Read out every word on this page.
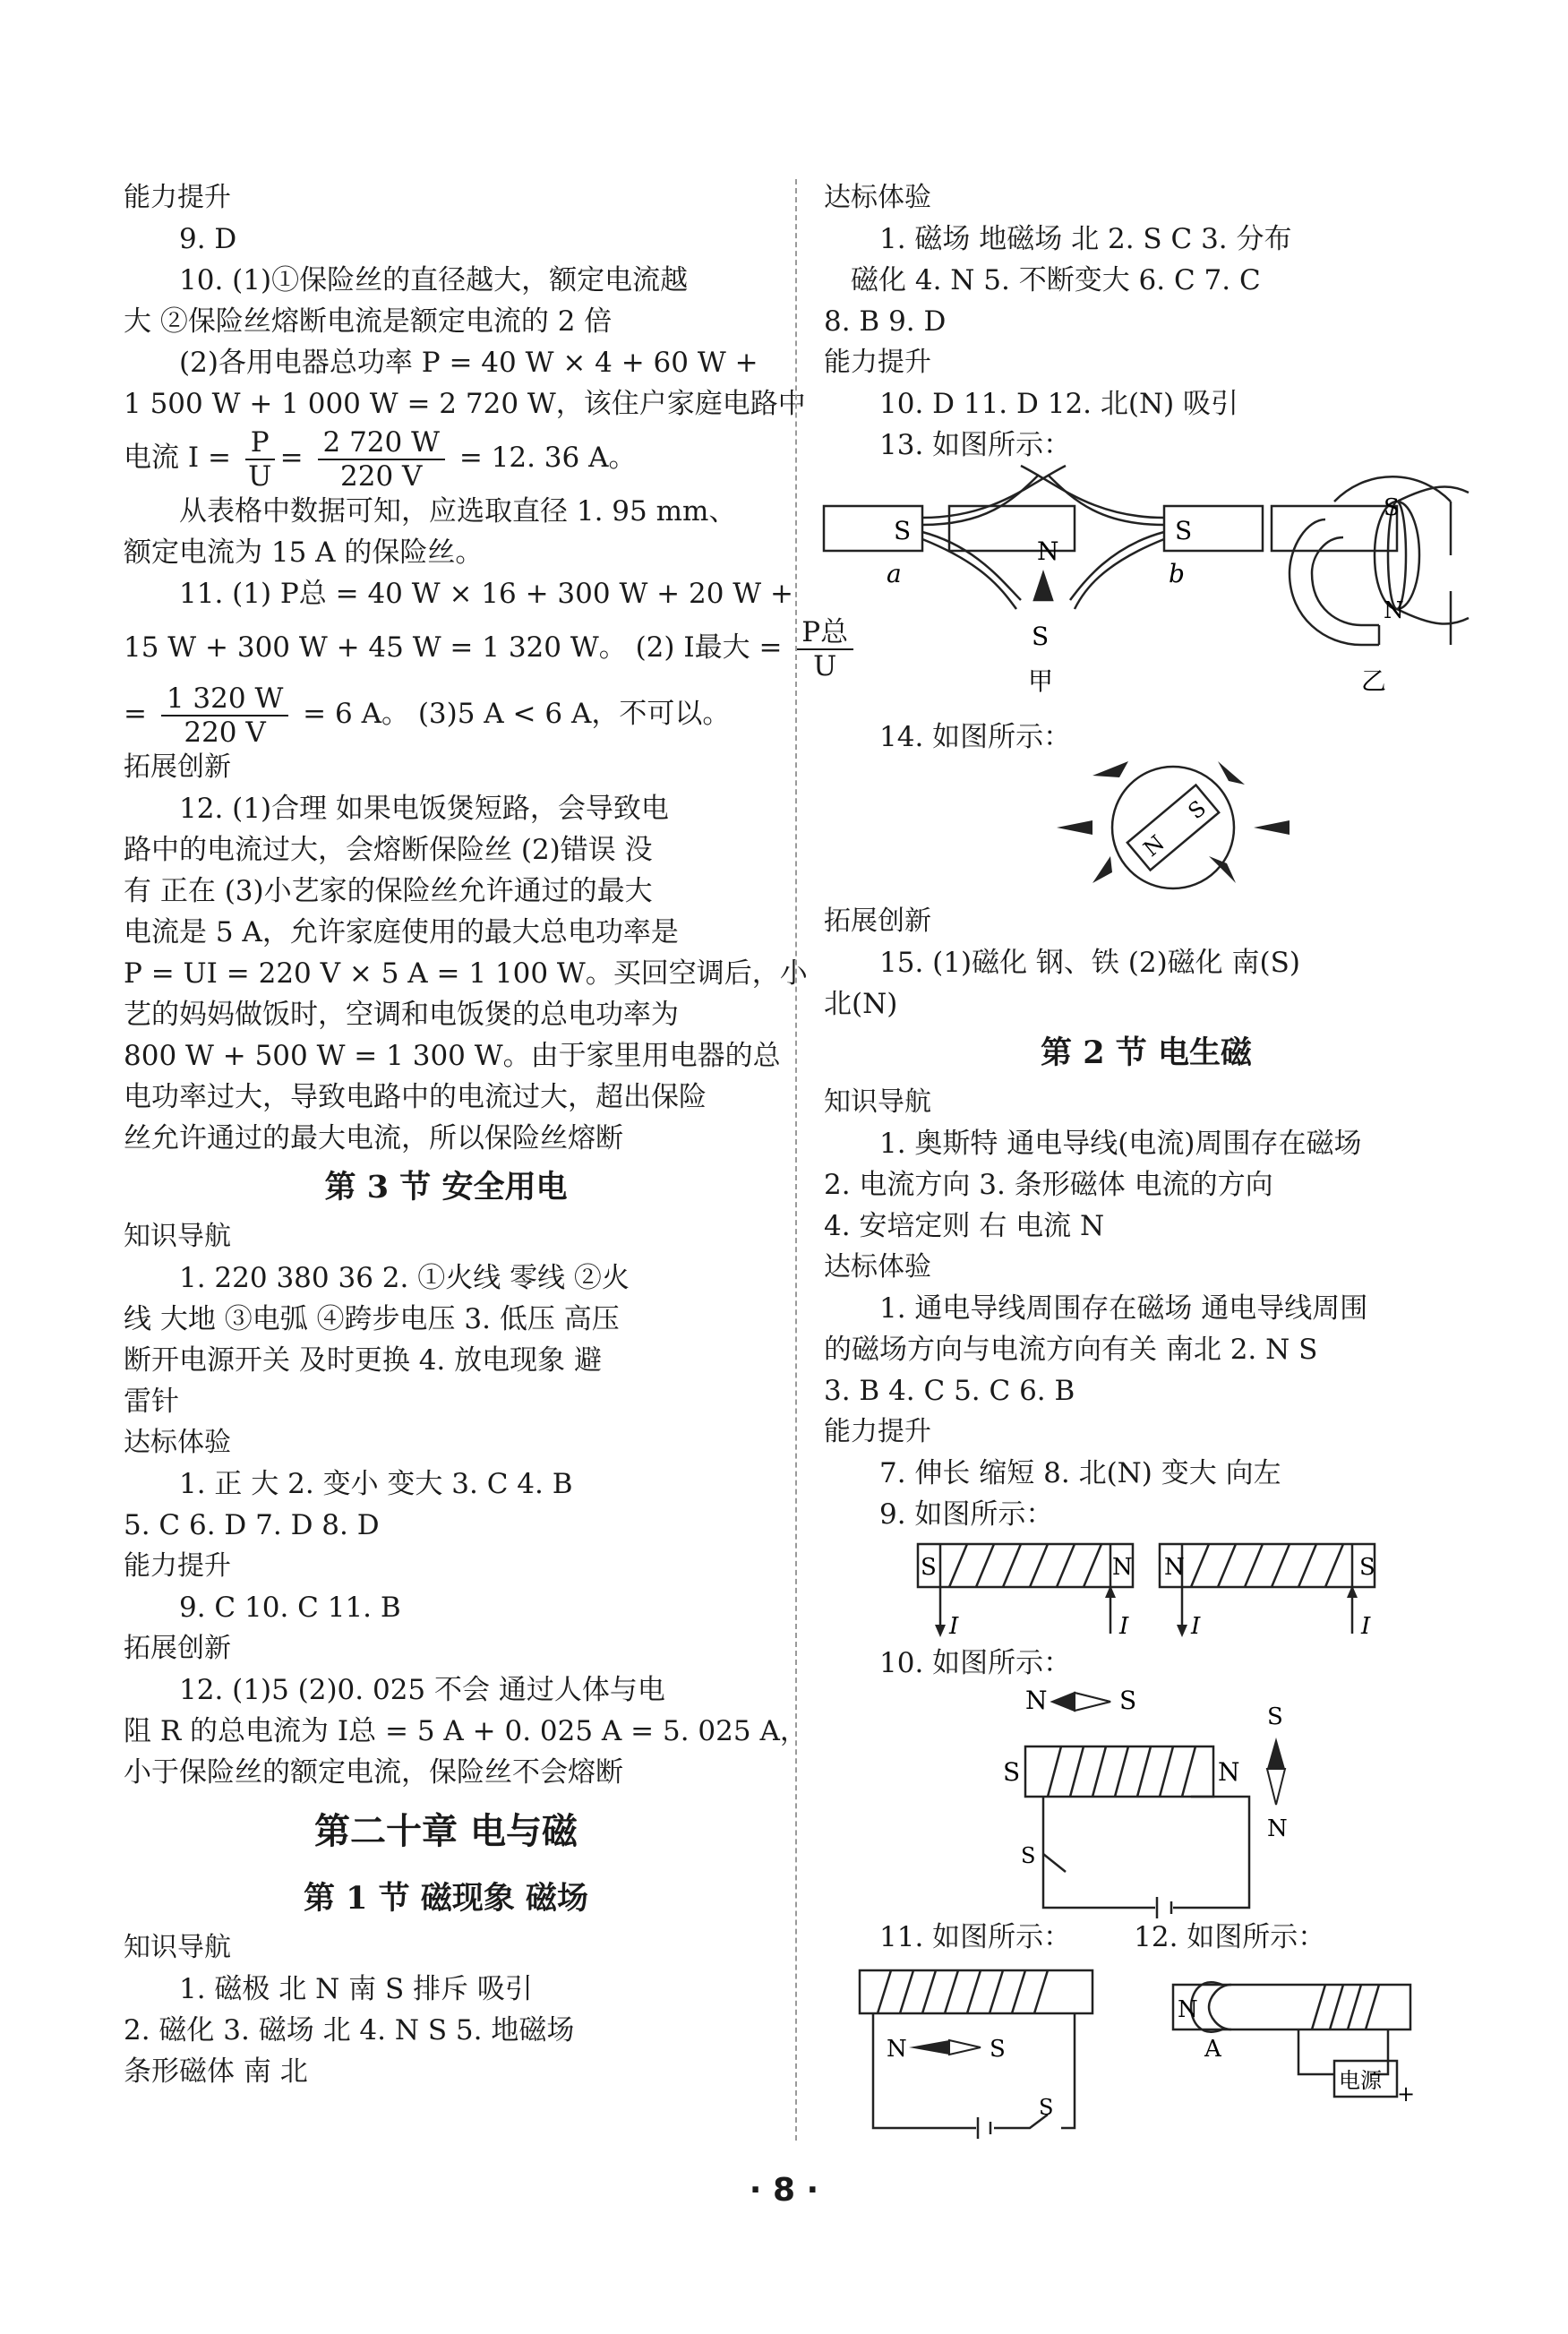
能力提升
9. D
10. (1)①保险丝的直径越大，额定电流越
大 ②保险丝熔断电流是额定电流的 2 倍
(2)各用电器总功率 P = 40 W × 4 + 60 W +
1 500 W + 1 000 W = 2 720 W，该住户家庭电路中
电流 $I = \frac{P}{U} = \frac{2 720 W}{220 V} = 12$. 36 A。
从表格中数据可知，应选取直径 1. 95 mm、
额定电流为 15 A 的保险丝。
11. (1) P总 = 40 W × 16 + 300 W + 20 W +
15 W + 300 W + 45 W = 1 320 W。 (2) I最大 = $\frac{\text{P总}}{U}$
= $\frac{1 320 W}{220 V} = 6$ A。 (3)5 A < 6 A，不可以。
拓展创新
12. (1)合理 如果电饭煲短路，会导致电
路中的电流过大，会熔断保险丝 (2)错误 没
有 正在 (3)小艺家的保险丝允许通过的最大
电流是 5 A，允许家庭使用的最大总电功率是
P = UI = 220 V × 5 A = 1 100 W。买回空调后，小
艺的妈妈做饭时，空调和电饭煲的总电功率为
800 W + 500 W = 1 300 W。由于家里用电器的总
电功率过大，导致电路中的电流过大，超出保险
丝允许通过的最大电流，所以保险丝熔断
第 3 节 安全用电
知识导航
1. 220 380 36 2. ①火线 零线 ②火
线 大地 ③电弧 ④跨步电压 3. 低压 高压
断开电源开关 及时更换 4. 放电现象 避
雷针
达标体验
1. 正 大 2. 变小 变大 3. C 4. B
5. C 6. D 7. D 8. D
能力提升
9. C 10. C 11. B
拓展创新
12. (1)5 (2)0. 025 不会 通过人体与电
阻 R 的总电流为 I总 = 5 A + 0. 025 A = 5. 025 A，
小于保险丝的额定电流，保险丝不会熔断
第二十章 电与磁
第 1 节 磁现象 磁场
知识导航
1. 磁极 北 N 南 S 排斥 吸引
2. 磁化 3. 磁场 北 4. N S 5. 地磁场
条形磁体 南 北
达标体验
1. 磁场 地磁场 北 2. S C 3. 分布
磁化 4. N 5. 不断变大 6. C 7. C
8. B 9. D
能力提升
10. D 11. D 12. 北(N) 吸引
13. 如图所示：
S	S
N
S
a	b
甲
S
N
乙
14. 如图所示：
N
S
拓展创新
15. (1)磁化 钢、铁 (2)磁化 南(S)
北(N)
第 2 节 电生磁
知识导航
1. 奥斯特 通电导线(电流)周围存在磁场
2. 电流方向 3. 条形磁体 电流的方向
4. 安培定则 右 电流 N
达标体验
1. 通电导线周围存在磁场 通电导线周围
的磁场方向与电流方向有关 南北 2. N S
3. B 4. C 5. C 6. B
能力提升
7. 伸长 缩短 8. 北(N) 变大 向左
9. 如图所示：
S	N N	S
I	I	I	I
10. 如图所示：
N	S
S	N
S
S
N
11. 如图所示： 12. 如图所示：
N	S
S
N
A
电源
+
· 8 ·
